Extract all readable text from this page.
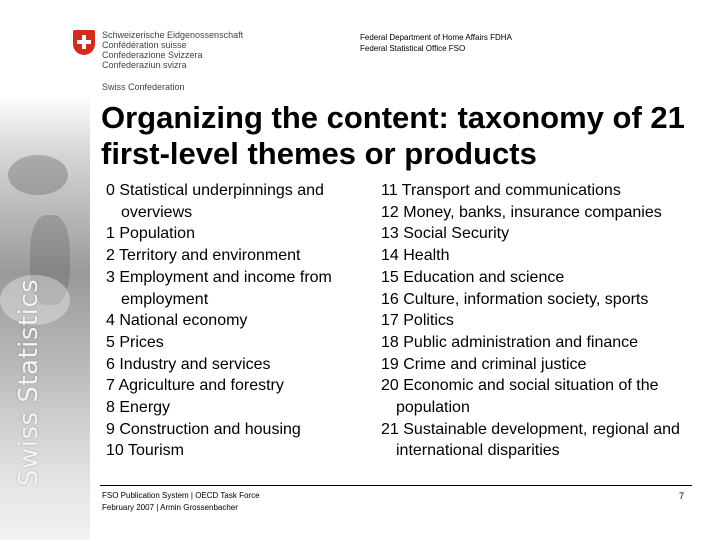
Swiss Statistics
Schweizerische Eidgenossenschaft
Confédération suisse
Confederazione Svizzera
Confederaziun svizra
Swiss Confederation
Federal Department of Home Affairs FDHA
Federal Statistical Office FSO
Organizing the content: taxonomy of 21 first-level themes or products
0 Statistical underpinnings and overviews
1 Population
2 Territory and environment
3 Employment and income from employment
4 National economy
5 Prices
6 Industry and services
7 Agriculture and forestry
8 Energy
9 Construction and housing
10 Tourism
11 Transport and communications
12 Money, banks, insurance companies
13 Social Security
14 Health
15 Education and science
16 Culture, information society, sports
17 Politics
18 Public administration and finance
19 Crime and criminal justice
20 Economic and social situation of the population
21 Sustainable development, regional and international disparities
FSO Publication System | OECD Task Force
February 2007 | Armin Grossenbacher
7
